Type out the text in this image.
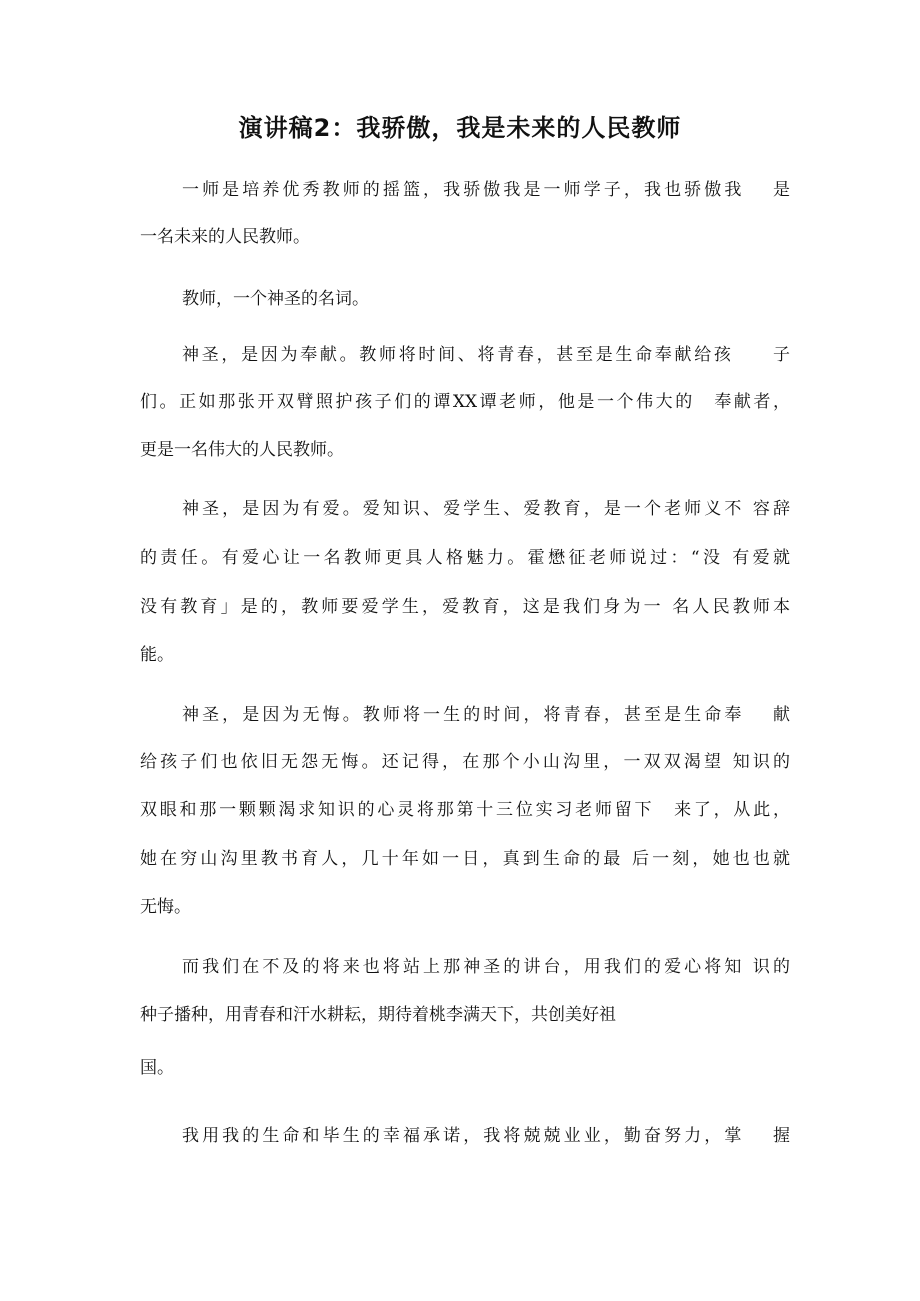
演讲稿2：我骄傲，我是未来的人民教师
一师是培养优秀教师的摇篮，我骄傲我是一师学子，我也骄傲我　 是
一名未来的人民教师。
教师，一个神圣的名词。
神圣，是因为奉献。教师将时间、将青春，甚至是生命奉献给孩　　子
们。正如那张开双臂照护孩子们的谭XX谭老师，他是一个伟大的　奉献者，
更是一名伟大的人民教师。
神圣，是因为有爱。爱知识、爱学生、爱教育，是一个老师义不 容辞
的责任。有爱心让一名教师更具人格魅力。霍懋征老师说过：“没 有爱就
没有教育」是的，教师要爱学生，爱教育，这是我们身为一 名人民教师本
能。
神圣，是因为无悔。教师将一生的时间，将青春，甚至是生命奉　 献
给孩子们也依旧无怨无悔。还记得，在那个小山沟里，一双双渴望 知识的
双眼和那一颗颗渴求知识的心灵将那第十三位实习老师留下　来了，从此，
她在穷山沟里教书育人，几十年如一日，真到生命的最 后一刻，她也也就
无悔。
而我们在不及的将来也将站上那神圣的讲台，用我们的爱心将知 识的
种子播种，用青春和汗水耕耘，期待着桃李满天下，共创美好祖
国。
我用我的生命和毕生的幸福承诺，我将兢兢业业，勤奋努力，掌　 握
